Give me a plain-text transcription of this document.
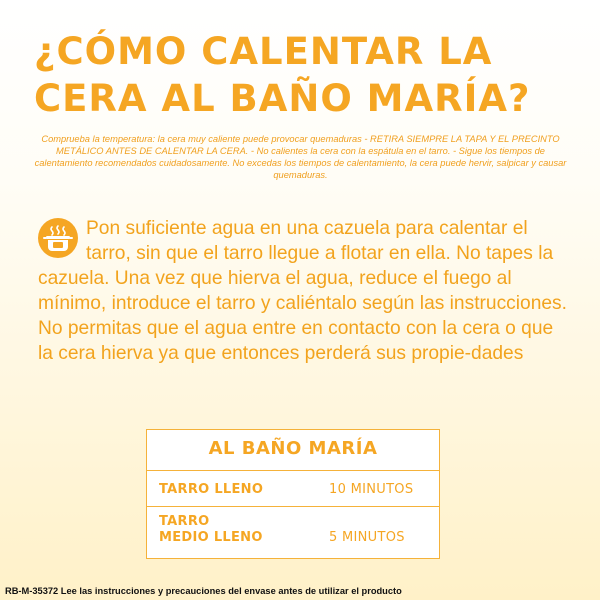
¿CÓMO CALENTAR LA
CERA AL BAÑO MARÍA?

Comprueba la temperatura: la cera muy caliente puede provocar quemaduras - RETIRA SIEMPRE LA TAPA Y EL PRECINTO METÁLICO ANTES DE CALENTAR LA CERA. - No calientes la cera con la espátula en el tarro. - Sigue los tiempos de calentamiento recomendados cuidadosamente. No excedas los tiempos de calentamiento, la cera puede hervir, salpicar y causar quemaduras.

Pon suficiente agua en una cazuela para calentar el tarro, sin que el tarro llegue a flotar en ella. No tapes la cazuela. Una vez que hierva el agua, reduce el fuego al mínimo, introduce el tarro y caliéntalo según las instrucciones. No permitas que el agua entre en contacto con la cera o que la cera hierva ya que entonces perderá sus propie-dades

AL BAÑO MARÍA
TARRO LLENO	10 MINUTOS
TARRO
MEDIO LLENO	5 MINUTOS
RB-M-35372 Lee las instrucciones y precauciones del envase antes de utilizar el producto
